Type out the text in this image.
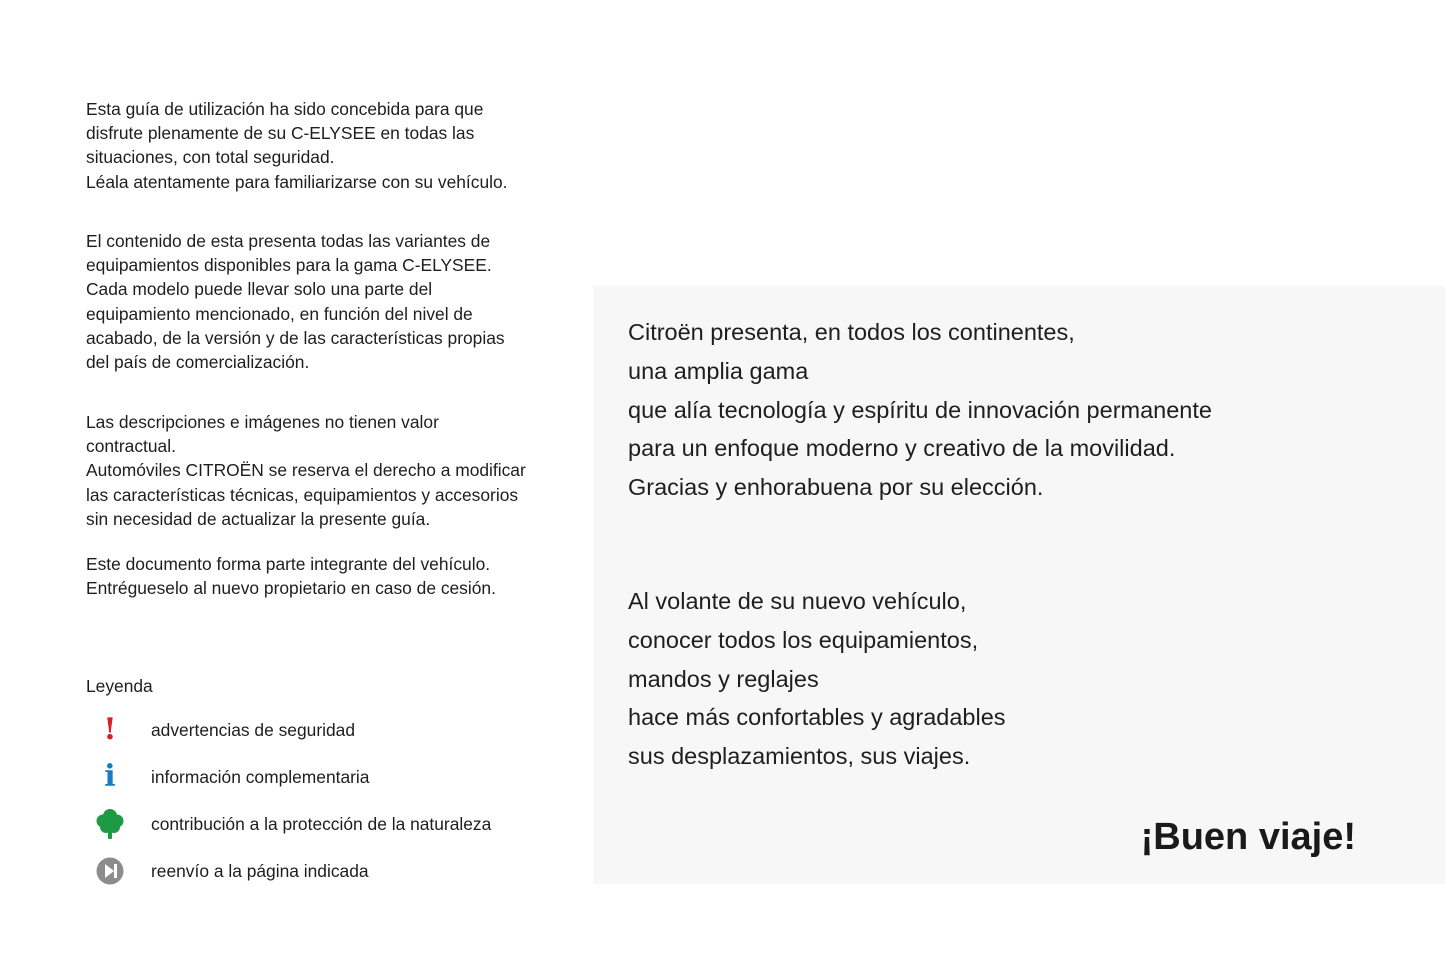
Esta guía de utilización ha sido concebida para que
disfrute plenamente de su C-ELYSEE en todas las
situaciones, con total seguridad.
Léala atentamente para familiarizarse con su vehículo.

El contenido de esta presenta todas las variantes de
equipamientos disponibles para la gama C-ELYSEE.
Cada modelo puede llevar solo una parte del
equipamiento mencionado, en función del nivel de
acabado, de la versión y de las características propias
del país de comercialización.

Las descripciones e imágenes no tienen valor
contractual.
Automóviles CITROËN se reserva el derecho a modificar
las características técnicas, equipamientos y accesorios
sin necesidad de actualizar la presente guía.

Este documento forma parte integrante del vehículo.
Entrégueselo al nuevo propietario en caso de cesión.

Leyenda
! advertencias de seguridad
i información complementaria
contribución a la protección de la naturaleza
reenvío a la página indicada
Citroën presenta, en todos los continentes,
una amplia gama
que alía tecnología y espíritu de innovación permanente
para un enfoque moderno y creativo de la movilidad.
Gracias y enhorabuena por su elección.
Al volante de su nuevo vehículo,
conocer todos los equipamientos,
mandos y reglajes
hace más confortables y agradables
sus desplazamientos, sus viajes.
¡Buen viaje!
